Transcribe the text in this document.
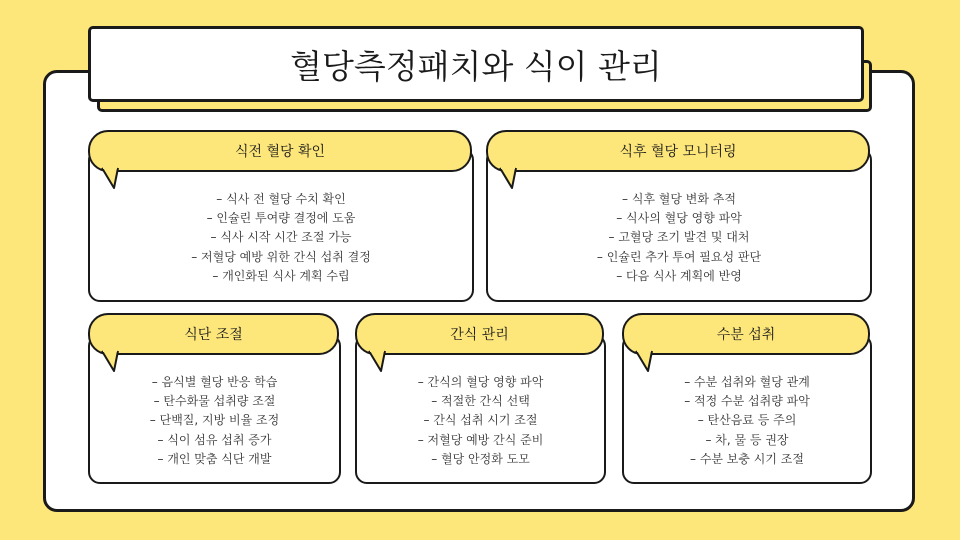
혈당측정패치와 식이 관리
– 식사 전 혈당 수치 확인
– 인슐린 투여량 결정에 도움
– 식사 시작 시간 조절 가능
– 저혈당 예방 위한 간식 섭취 결정
– 개인화된 식사 계획 수립
식전 혈당 확인
– 식후 혈당 변화 추적
– 식사의 혈당 영향 파악
– 고혈당 조기 발견 및 대처
– 인슐린 추가 투여 필요성 판단
– 다음 식사 계획에 반영
식후 혈당 모니터링
– 음식별 혈당 반응 학습
– 탄수화물 섭취량 조절
– 단백질, 지방 비율 조정
– 식이 섬유 섭취 증가
– 개인 맞춤 식단 개발
식단 조절
– 간식의 혈당 영향 파악
– 적절한 간식 선택
– 간식 섭취 시기 조절
– 저혈당 예방 간식 준비
– 혈당 안정화 도모
간식 관리
– 수분 섭취와 혈당 관계
– 적정 수분 섭취량 파악
– 탄산음료 등 주의
– 차, 물 등 권장
– 수분 보충 시기 조절
수분 섭취
